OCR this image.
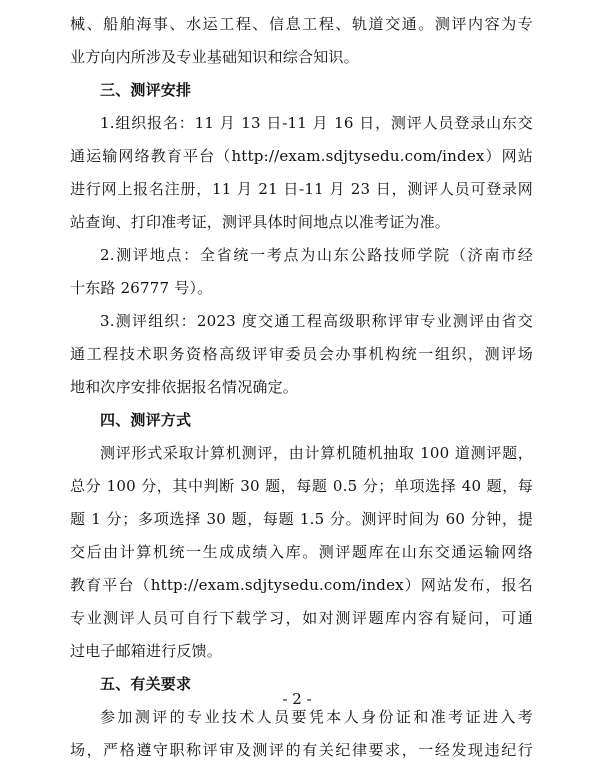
械、船舶海事、水运工程、信息工程、轨道交通。测评内容为专
业方向内所涉及专业基础知识和综合知识。
三、测评安排
1.组织报名：11 月 13 日-11 月 16 日，测评人员登录山东交
通运输网络教育平台（http://exam.sdjtysedu.com/index）网站
进行网上报名注册，11 月 21 日-11 月 23 日，测评人员可登录网
站查询、打印准考证，测评具体时间地点以准考证为准。
2.测评地点：全省统一考点为山东公路技师学院（济南市经
十东路 26777 号）。
3.测评组织：2023 度交通工程高级职称评审专业测评由省交
通工程技术职务资格高级评审委员会办事机构统一组织，测评场
地和次序安排依据报名情况确定。
四、测评方式
测评形式采取计算机测评，由计算机随机抽取 100 道测评题，
总分 100 分，其中判断 30 题，每题 0.5 分；单项选择 40 题，每
题 1 分；多项选择 30 题，每题 1.5 分。测评时间为 60 分钟，提
交后由计算机统一生成成绩入库。测评题库在山东交通运输网络
教育平台（http://exam.sdjtysedu.com/index）网站发布，报名
专业测评人员可自行下载学习，如对测评题库内容有疑问，可通
过电子邮箱进行反馈。
五、有关要求
参加测评的专业技术人员要凭本人身份证和准考证进入考
场，严格遵守职称评审及测评的有关纪律要求，一经发现违纪行
- 2 -
